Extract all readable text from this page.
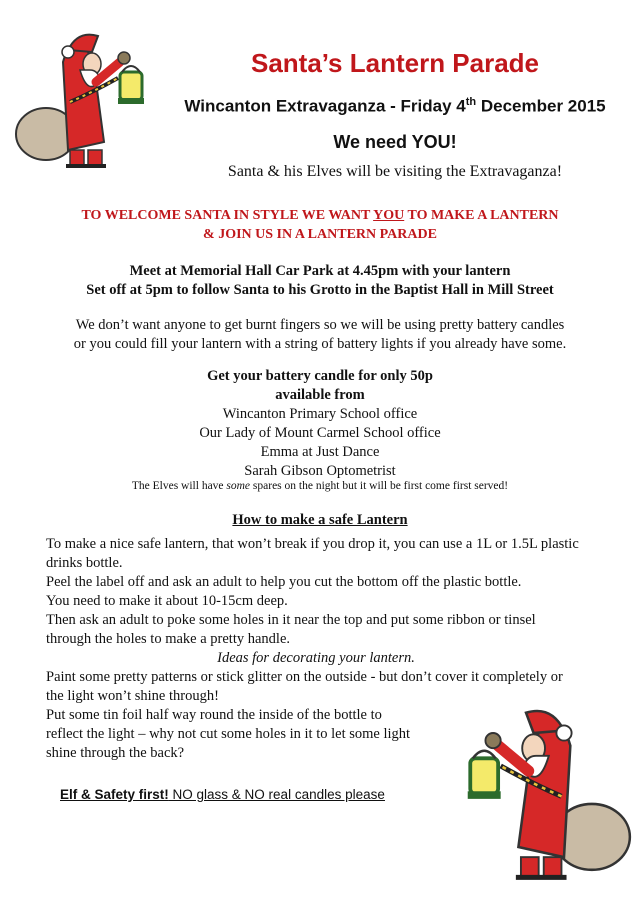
Santa’s Lantern Parade
Wincanton Extravaganza - Friday 4th December 2015
We need YOU!
Santa & his Elves will be visiting the Extravaganza!
TO WELCOME SANTA IN STYLE WE WANT YOU TO MAKE A LANTERN
& JOIN US IN A LANTERN PARADE
Meet at Memorial Hall Car Park at 4.45pm with your lantern
Set off at 5pm to follow Santa to his Grotto in the Baptist Hall in Mill Street
We don’t want anyone to get burnt fingers so we will be using pretty battery candles
or you could fill your lantern with a string of battery lights if you already have some.
Get your battery candle for only 50p
available from
Wincanton Primary School office
Our Lady of Mount Carmel School office
Emma at Just Dance
Sarah Gibson Optometrist
The Elves will have some spares on the night but it will be first come first served!
How to make a safe Lantern
To make a nice safe lantern, that won’t break if you drop it, you can use a 1L or 1.5L plastic
drinks bottle.
Peel the label off and ask an adult to help you cut the bottom off the plastic bottle.
You need to make it about 10-15cm deep.
Then ask an adult to poke some holes in it near the top and put some ribbon or tinsel
through the holes to make a pretty handle.
Ideas for decorating your lantern.
Paint some pretty patterns or stick glitter on the outside - but don’t cover it completely or
the light won’t shine through!
Put some tin foil half way round the inside of the bottle to
reflect the light – why not cut some holes in it to let some light
shine through the back?
Elf & Safety first! NO glass & NO real candles please
